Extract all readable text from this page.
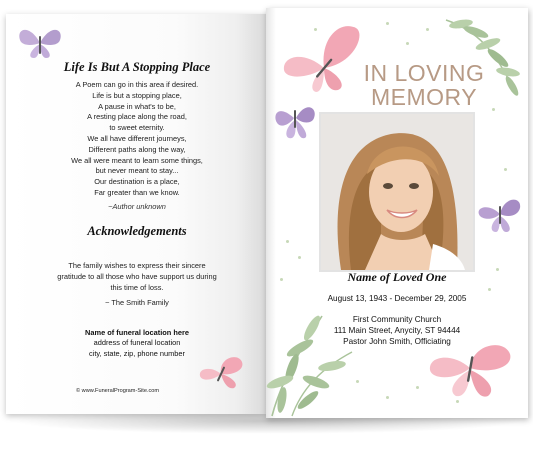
Life Is But A Stopping Place
A Poem can go in this area if desired.
Life is but a stopping place,
A pause in what's to be,
A resting place along the road,
to sweet eternity.
We all have different journeys,
Different paths along the way,
We all were meant to learn some things,
but never meant to stay...
Our destination is a place,
Far greater than we know.
~Author unknown
Acknowledgements
The family wishes to express their sincere
gratitude to all those who have support us during
this time of loss.
~ The Smith Family
Name of funeral location here
address of funeral location
city, state, zip, phone number
© www.FuneralProgram-Site.com
IN LOVING
MEMORY
Name of Loved One
August 13, 1943 - December 29, 2005
First Community Church
111 Main Street, Anycity, ST 94444
Pastor John Smith, Officiating
